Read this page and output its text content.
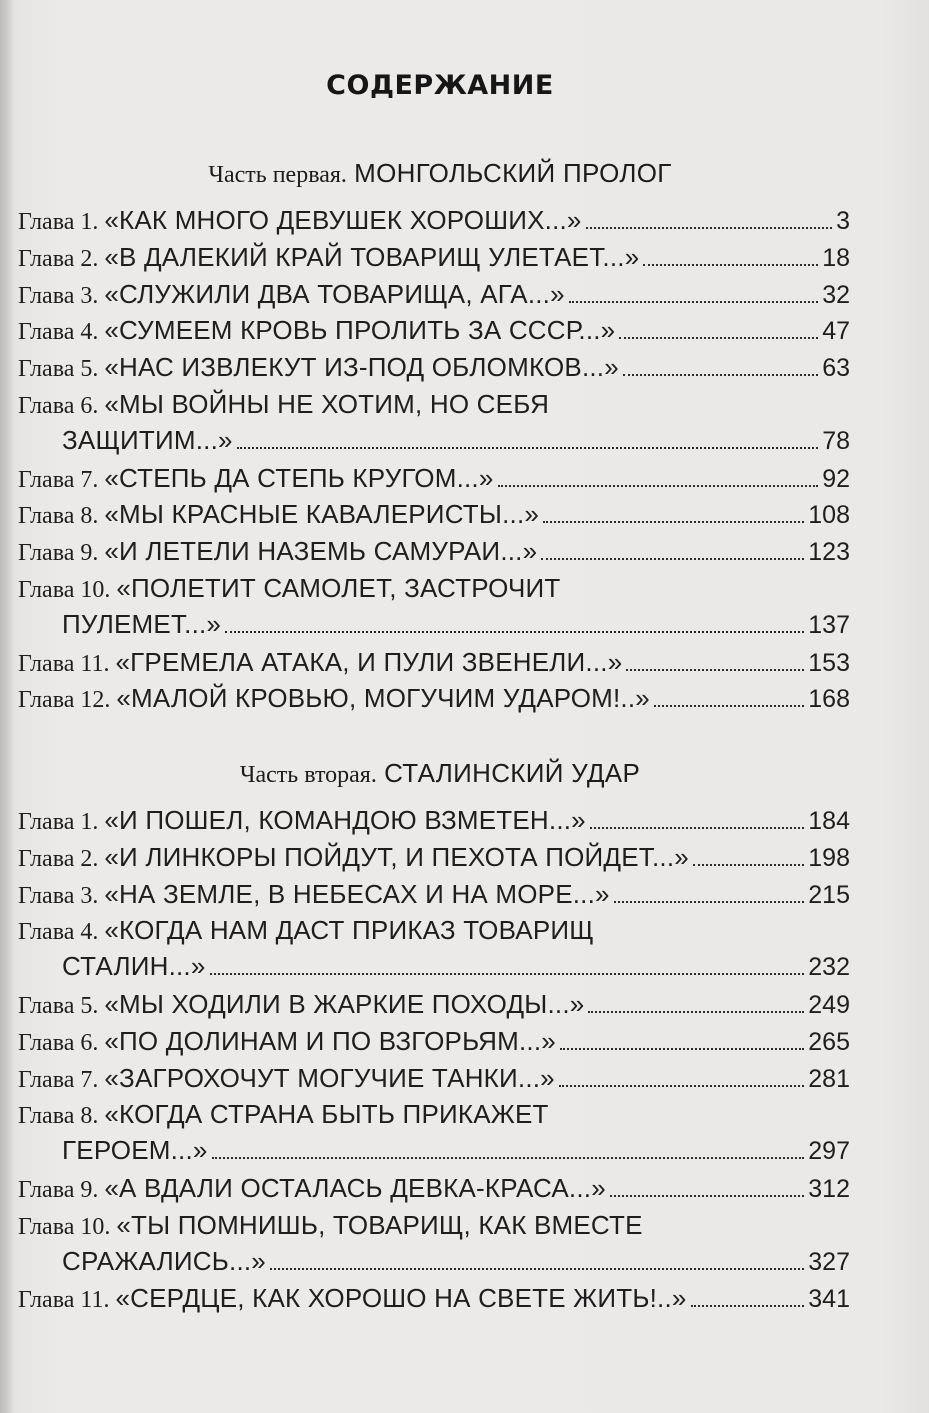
СОДЕРЖАНИЕ
Часть первая. МОНГОЛЬСКИЙ ПРОЛОГ
Глава 1. «КАК МНОГО ДЕВУШЕК ХОРОШИХ...»	3
Глава 2. «В ДАЛЕКИЙ КРАЙ ТОВАРИЩ УЛЕТАЕТ...»	18
Глава 3. «СЛУЖИЛИ ДВА ТОВАРИЩА, АГА...»	32
Глава 4. «СУМЕЕМ КРОВЬ ПРОЛИТЬ ЗА СССР...»	47
Глава 5. «НАС ИЗВЛЕКУТ ИЗ-ПОД ОБЛОМКОВ...»	63
Глава 6. «МЫ ВОЙНЫ НЕ ХОТИМ, НО СЕБЯ
ЗАЩИТИМ...»	78
Глава 7. «СТЕПЬ ДА СТЕПЬ КРУГОМ...»	92
Глава 8. «МЫ КРАСНЫЕ КАВАЛЕРИСТЫ...»	108
Глава 9. «И ЛЕТЕЛИ НАЗЕМЬ САМУРАИ...»	123
Глава 10. «ПОЛЕТИТ САМОЛЕТ, ЗАСТРОЧИТ
ПУЛЕМЕТ...»	137
Глава 11. «ГРЕМЕЛА АТАКА, И ПУЛИ ЗВЕНЕЛИ...»	153
Глава 12. «МАЛОЙ КРОВЬЮ, МОГУЧИМ УДАРОМ!..»	168
Часть вторая. СТАЛИНСКИЙ УДАР
Глава 1. «И ПОШЕЛ, КОМАНДОЮ ВЗМЕТЕН...»	184
Глава 2. «И ЛИНКОРЫ ПОЙДУТ, И ПЕХОТА ПОЙДЕТ...»	198
Глава 3. «НА ЗЕМЛЕ, В НЕБЕСАХ И НА МОРЕ...»	215
Глава 4. «КОГДА НАМ ДАСТ ПРИКАЗ ТОВАРИЩ
СТАЛИН...»	232
Глава 5. «МЫ ХОДИЛИ В ЖАРКИЕ ПОХОДЫ...»	249
Глава 6. «ПО ДОЛИНАМ И ПО ВЗГОРЬЯМ...»	265
Глава 7. «ЗАГРОХОЧУТ МОГУЧИЕ ТАНКИ...»	281
Глава 8. «КОГДА СТРАНА БЫТЬ ПРИКАЖЕТ
ГЕРОЕМ...»	297
Глава 9. «А ВДАЛИ ОСТАЛАСЬ ДЕВКА-КРАСА...»	312
Глава 10. «ТЫ ПОМНИШЬ, ТОВАРИЩ, КАК ВМЕСТЕ
СРАЖАЛИСЬ...»	327
Глава 11. «СЕРДЦЕ, КАК ХОРОШО НА СВЕТЕ ЖИТЬ!..»	341
